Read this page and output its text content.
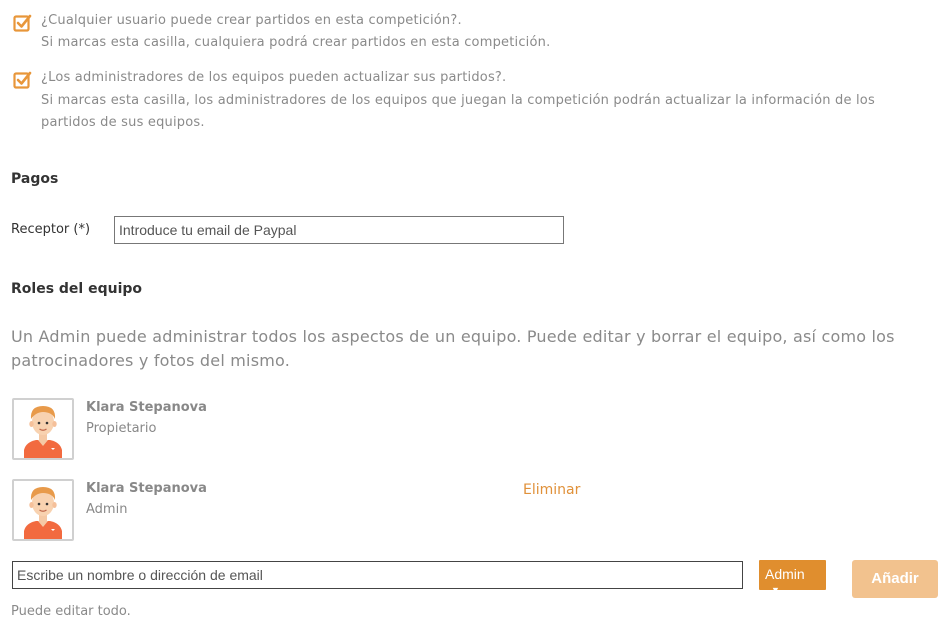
¿Cualquier usuario puede crear partidos en esta competición?.
Si marcas esta casilla, cualquiera podrá crear partidos en esta competición.
¿Los administradores de los equipos pueden actualizar sus partidos?.
Si marcas esta casilla, los administradores de los equipos que juegan la competición podrán actualizar la información de los
partidos de sus equipos.
Pagos
Receptor (*)
Introduce tu email de Paypal
Roles del equipo
Un Admin puede administrar todos los aspectos de un equipo. Puede editar y borrar el equipo, así como los
patrocinadores y fotos del mismo.
Klara Stepanova
Propietario
Klara Stepanova
Admin
Eliminar
Escribe un nombre o dirección de email
Admin ▼
Añadir
Puede editar todo.
